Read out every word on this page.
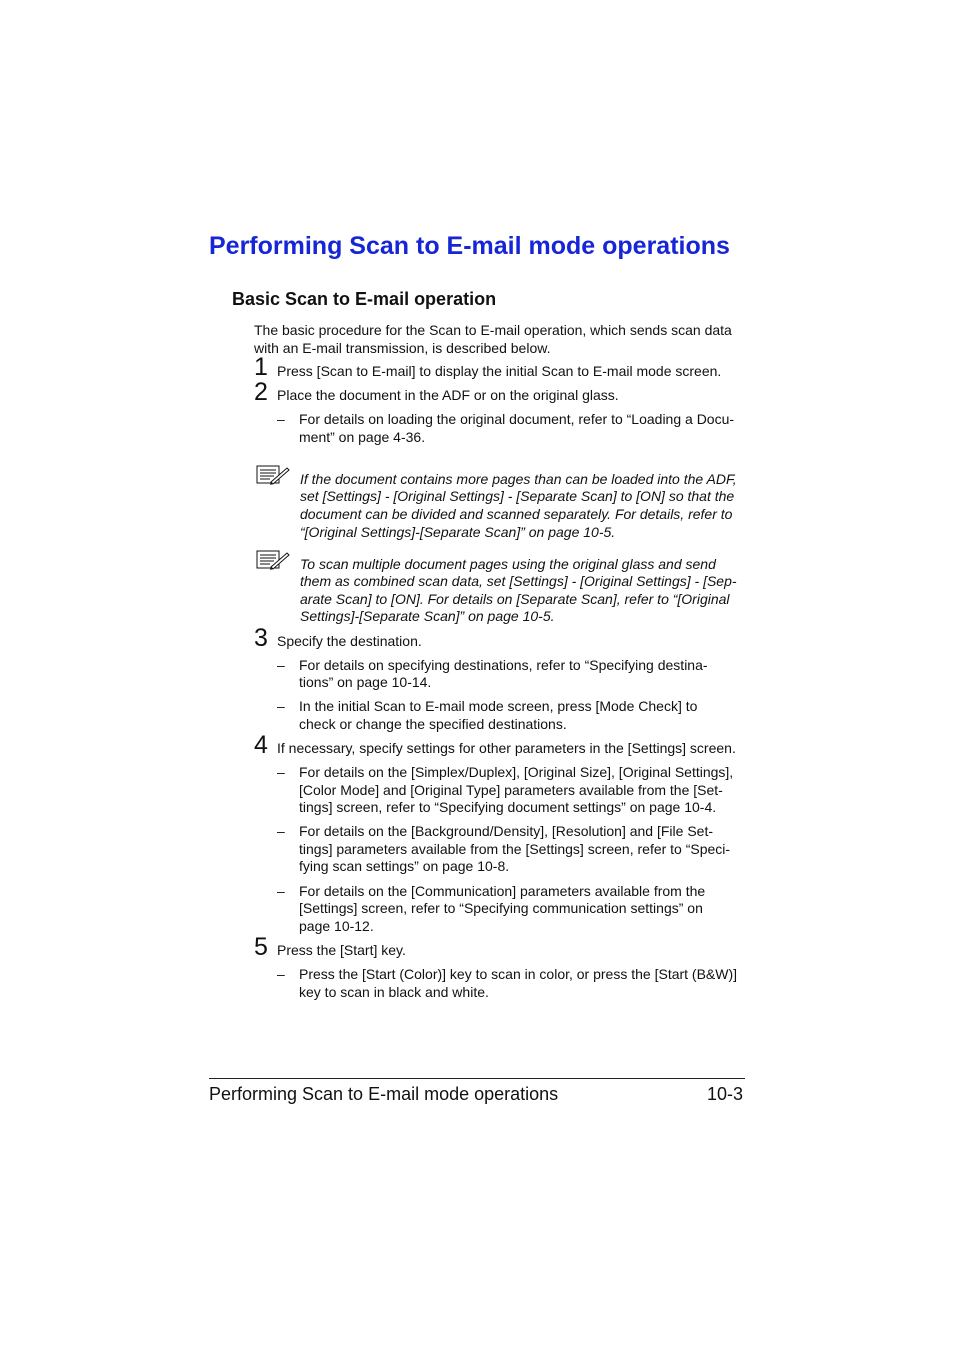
Performing Scan to E-mail mode operations
Basic Scan to E-mail operation
The basic procedure for the Scan to E-mail operation, which sends scan data
with an E-mail transmission, is described below.
1 Press [Scan to E-mail] to display the initial Scan to E-mail mode screen.
2 Place the document in the ADF or on the original glass.
– For details on loading the original document, refer to “Loading a Docu-
ment” on page 4-36.
If the document contains more pages than can be loaded into the ADF,
set [Settings] - [Original Settings] - [Separate Scan] to [ON] so that the
document can be divided and scanned separately. For details, refer to
“[Original Settings]-[Separate Scan]” on page 10-5.
To scan multiple document pages using the original glass and send
them as combined scan data, set [Settings] - [Original Settings] - [Sep-
arate Scan] to [ON]. For details on [Separate Scan], refer to “[Original
Settings]-[Separate Scan]” on page 10-5.
3 Specify the destination.
– For details on specifying destinations, refer to “Specifying destina-
tions” on page 10-14.
– In the initial Scan to E-mail mode screen, press [Mode Check] to
check or change the specified destinations.
4 If necessary, specify settings for other parameters in the [Settings] screen.
– For details on the [Simplex/Duplex], [Original Size], [Original Settings],
[Color Mode] and [Original Type] parameters available from the [Set-
tings] screen, refer to “Specifying document settings” on page 10-4.
– For details on the [Background/Density], [Resolution] and [File Set-
tings] parameters available from the [Settings] screen, refer to “Speci-
fying scan settings” on page 10-8.
– For details on the [Communication] parameters available from the
[Settings] screen, refer to “Specifying communication settings” on
page 10-12.
5 Press the [Start] key.
– Press the [Start (Color)] key to scan in color, or press the [Start (B&W)]
key to scan in black and white.
Performing Scan to E-mail mode operations	10-3
